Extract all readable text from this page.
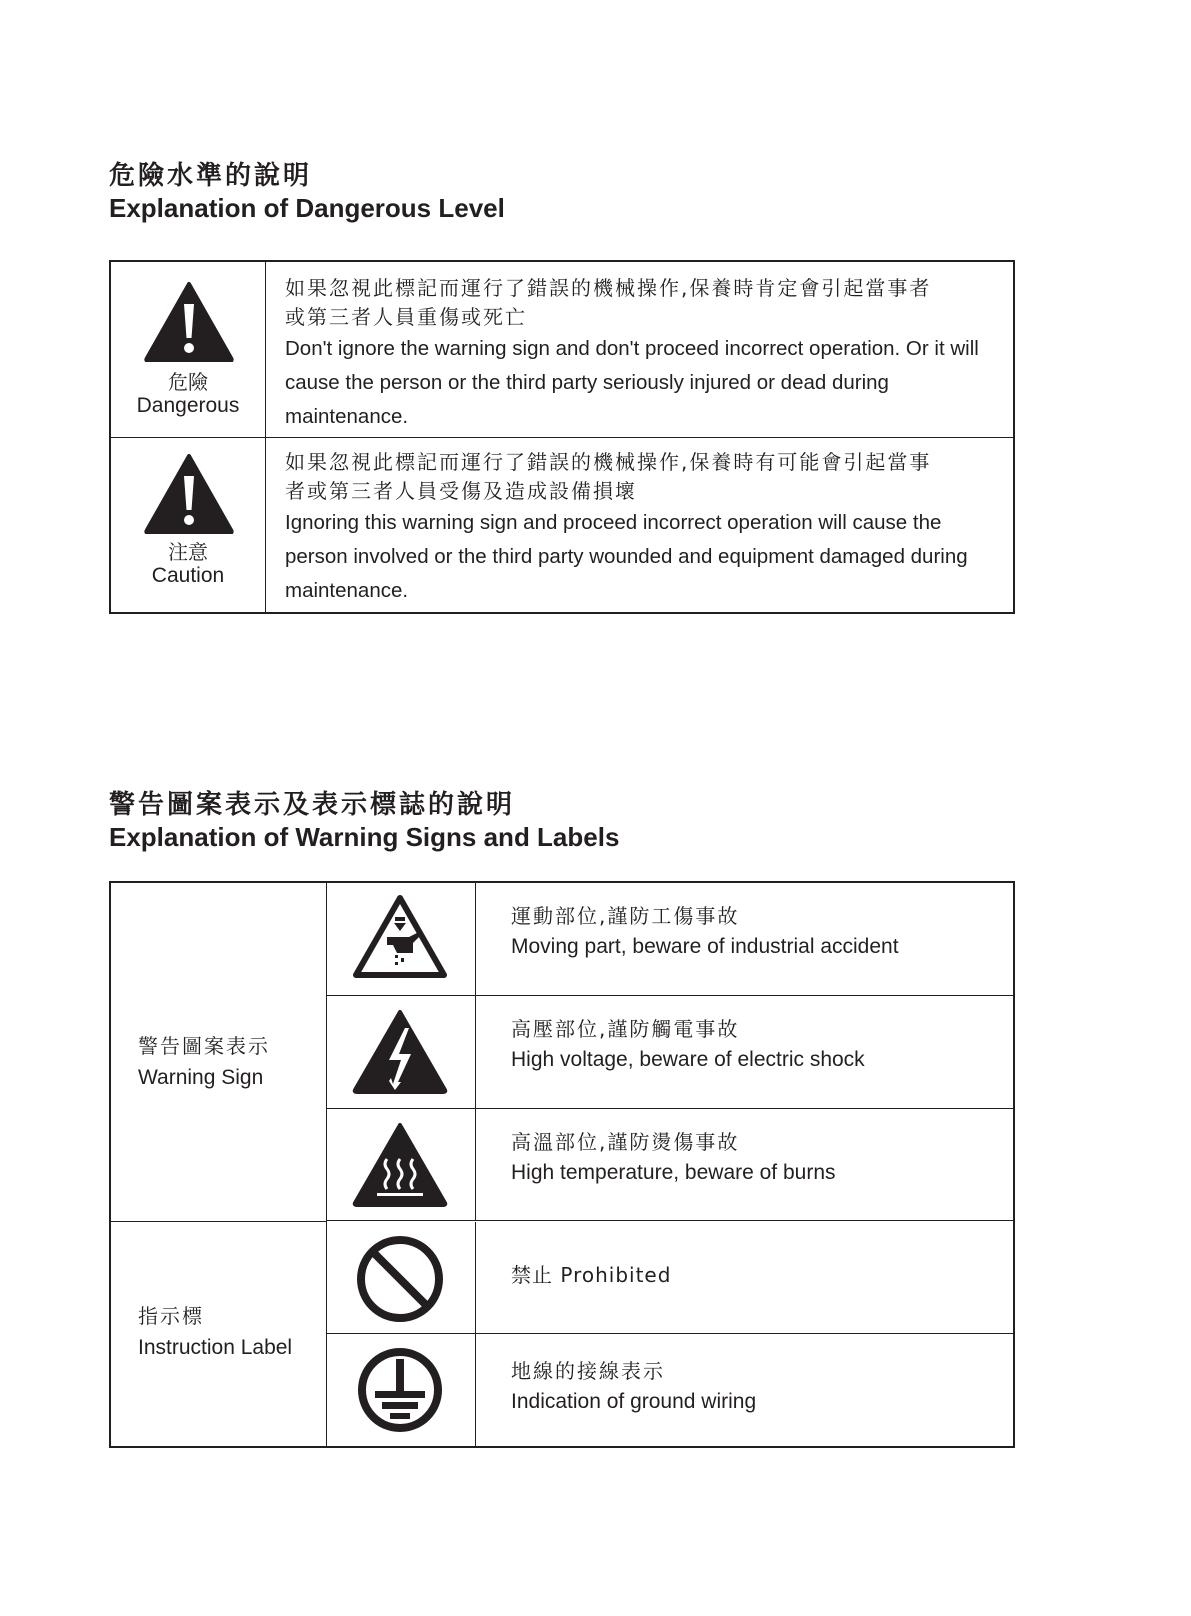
危險水準的說明
Explanation of Dangerous Level
危險
Dangerous
如果忽視此標記而運行了錯誤的機械操作,保養時肯定會引起當事者
或第三者人員重傷或死亡
Don't ignore the warning sign and don't proceed incorrect operation. Or it will cause the person or the third party seriously injured or dead during maintenance.
注意
Caution
如果忽視此標記而運行了錯誤的機械操作,保養時有可能會引起當事
者或第三者人員受傷及造成設備損壞
Ignoring this warning sign and proceed incorrect operation will cause the person involved or the third party wounded and equipment damaged during maintenance.
警告圖案表示及表示標誌的說明
Explanation of Warning Signs and Labels
警告圖案表示
Warning Sign
指示標
Instruction Label
運動部位,謹防工傷事故
Moving part, beware of industrial accident
高壓部位,謹防觸電事故
High voltage, beware of electric shock
高溫部位,謹防燙傷事故
High temperature, beware of burns
禁止 Prohibited
地線的接線表示
Indication of ground wiring
